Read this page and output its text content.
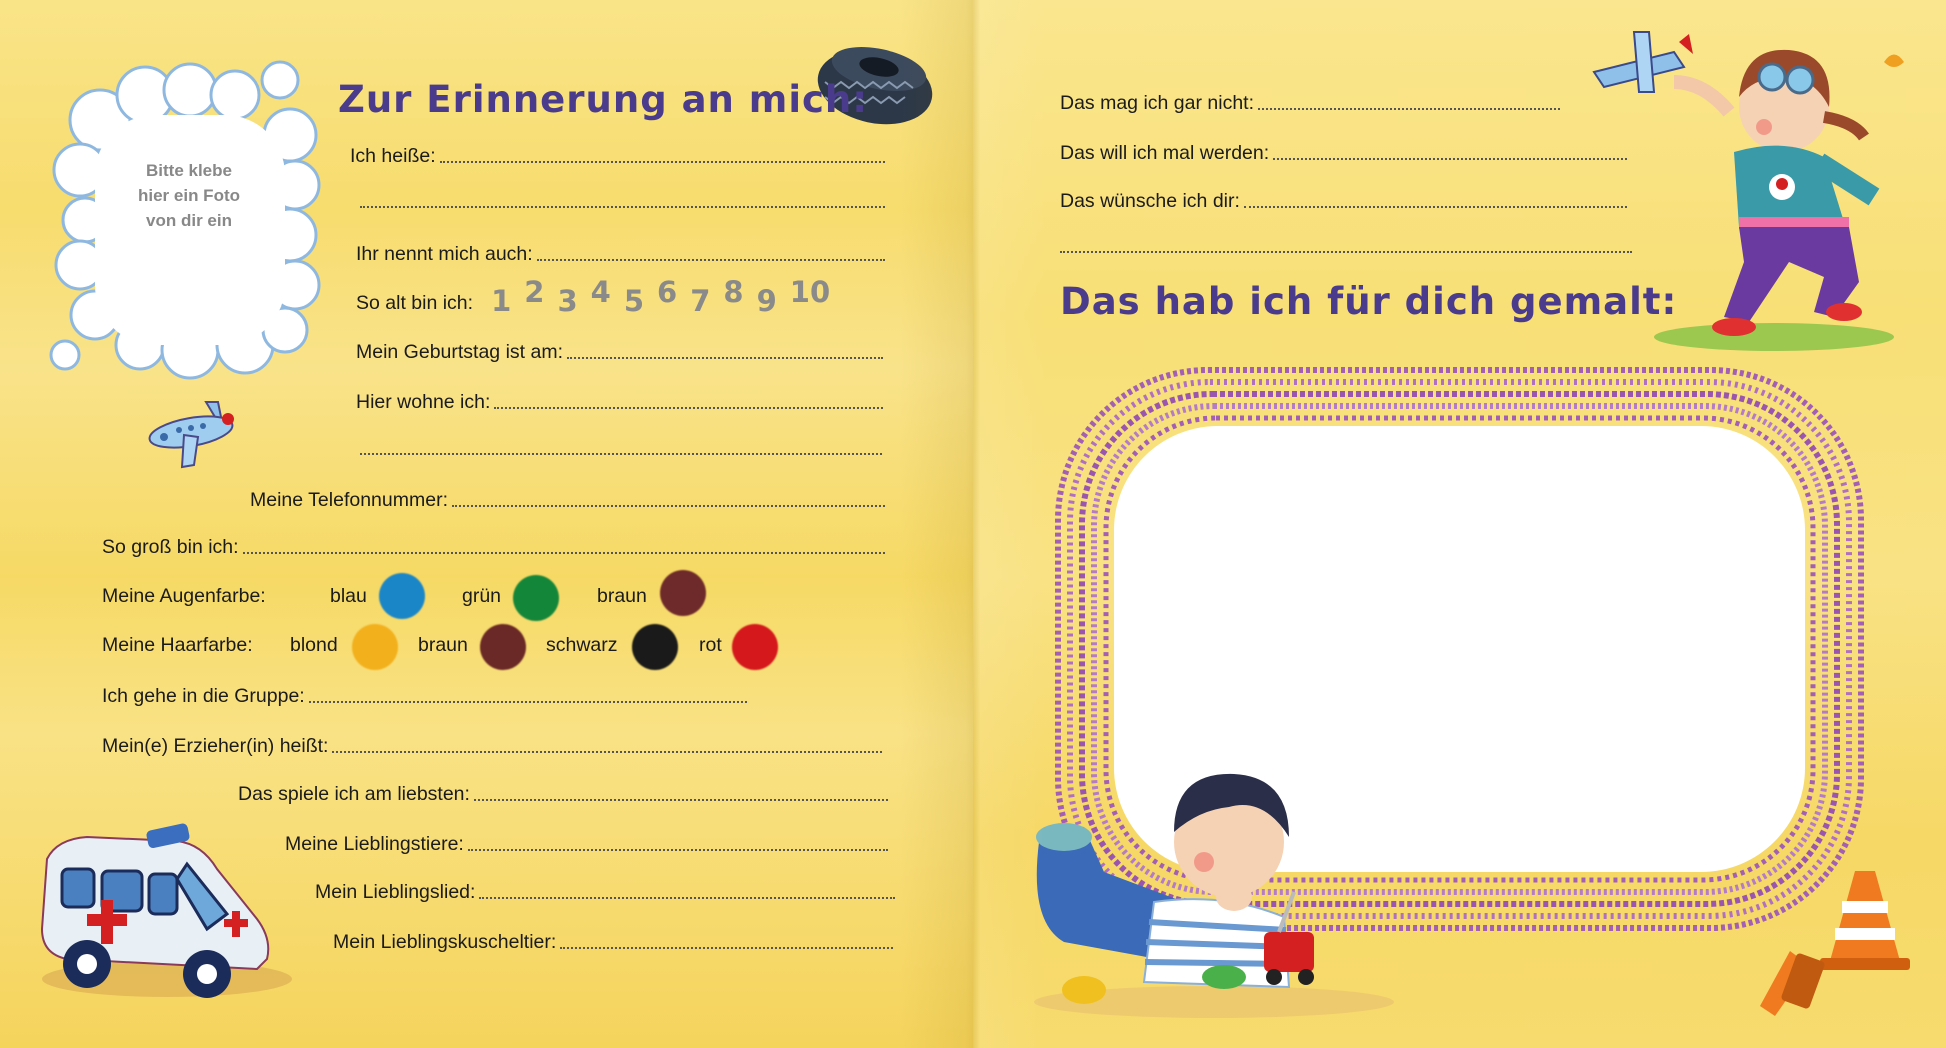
Bitte klebe
hier ein Foto
von dir ein
Zur Erinnerung an mich:
Ich heiße:
Ihr nennt mich auch:
So alt bin ich: 1 2 3 4 5 6 7 8 9 10
Mein Geburtstag ist am:
Hier wohne ich:
Meine Telefonnummer:
So groß bin ich:
Meine Augenfarbe:	blau	grün	braun
Meine Haarfarbe: blond	braun	schwarz	rot
Ich gehe in die Gruppe:
Mein(e) Erzieher(in) heißt:
Das spiele ich am liebsten:
Meine Lieblingstiere:
Mein Lieblingslied:
Mein Lieblingskuscheltier:
Das mag ich gar nicht:
Das will ich mal werden:
Das wünsche ich dir:
Das hab ich für dich gemalt:
